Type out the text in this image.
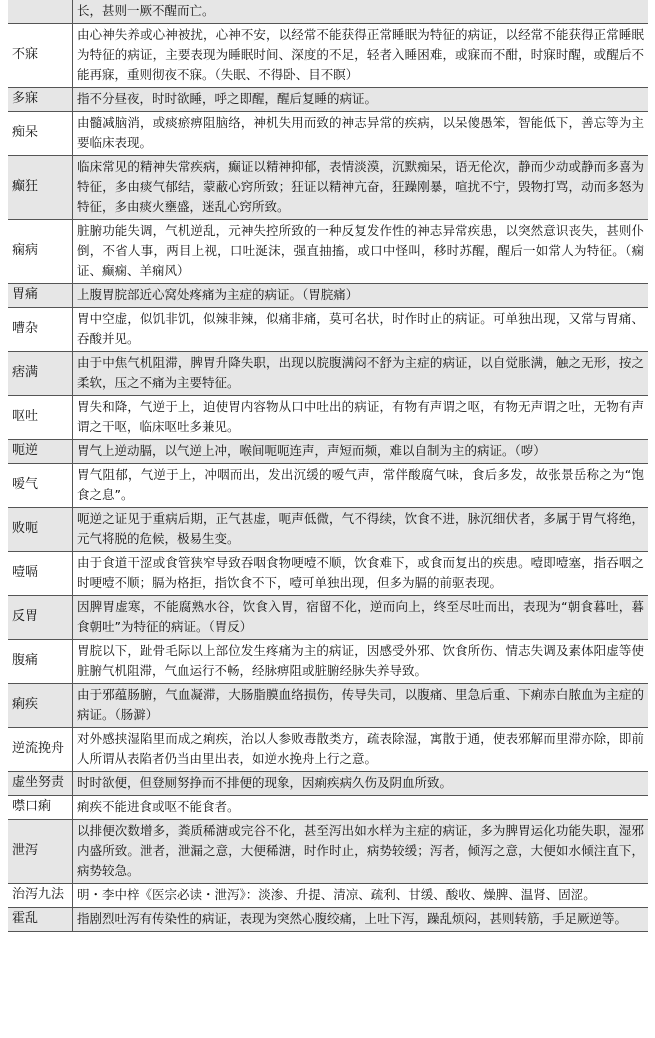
	长，甚则一厥不醒而亡。
不寐	由心神失养或心神被扰，心神不安，以经常不能获得正常睡眠为特征的病证，以经常不能获得正常睡眠为特征的病证，主要表现为睡眠时间、深度的不足，轻者入睡困难，或寐而不酣，时寐时醒，或醒后不能再寐，重则彻夜不寐。（失眠、不得卧、目不瞑）
多寐	指不分昼夜，时时欲睡，呼之即醒，醒后复睡的病证。
痴呆	由髓减脑消，或痰瘀痹阻脑络，神机失用而致的神志异常的疾病，以呆傻愚笨，智能低下，善忘等为主要临床表现。
癫狂	临床常见的精神失常疾病，癫证以精神抑郁，表情淡漠，沉默痴呆，语无伦次，静而少动或静而多喜为特征，多由痰气郁结，蒙蔽心窍所致；狂证以精神亢奋，狂躁刚暴，喧扰不宁，毁物打骂，动而多怒为特征，多由痰火壅盛，迷乱心窍所致。
痫病	脏腑功能失调，气机逆乱，元神失控所致的一种反复发作性的神志异常疾患，以突然意识丧失，甚则仆倒，不省人事，两目上视，口吐涎沫，强直抽搐，或口中怪叫，移时苏醒，醒后一如常人为特征。（痫证、癫痫、羊痫风）
胃痛	上腹胃脘部近心窝处疼痛为主症的病证。（胃脘痛）
嘈杂	胃中空虚，似饥非饥，似辣非辣，似痛非痛，莫可名状，时作时止的病证。可单独出现，又常与胃痛、吞酸并见。
痞满	由于中焦气机阻滞，脾胃升降失职，出现以脘腹满闷不舒为主症的病证，以自觉胀满，触之无形，按之柔软，压之不痛为主要特征。
呕吐	胃失和降，气逆于上，迫使胃内容物从口中吐出的病证，有物有声谓之呕，有物无声谓之吐，无物有声谓之干呕，临床呕吐多兼见。
呃逆	胃气上逆动膈，以气逆上冲，喉间呃呃连声，声短而频，难以自制为主的病证。（哕）
嗳气	胃气阻郁，气逆于上，冲咽而出，发出沉缓的嗳气声，常伴酸腐气味，食后多发，故张景岳称之为“饱食之息”。
败呃	呃逆之证见于重病后期，正气甚虚，呃声低微，气不得续，饮食不进，脉沉细伏者，多属于胃气将绝，元气将脱的危候，极易生变。
噎嗝	由于食道干涩或食管狭窄导致吞咽食物哽噎不顺，饮食难下，或食而复出的疾患。噎即噎塞，指吞咽之时哽噎不顺；膈为格拒，指饮食不下，噎可单独出现，但多为膈的前驱表现。
反胃	因脾胃虚寒，不能腐熟水谷，饮食入胃，宿留不化，逆而向上，终至尽吐而出，表现为“朝食暮吐，暮食朝吐”为特征的病证。（胃反）
腹痛	胃脘以下，趾骨毛际以上部位发生疼痛为主的病证，因感受外邪、饮食所伤、情志失调及素体阳虚等使脏腑气机阻滞，气血运行不畅，经脉痹阻或脏腑经脉失养导致。
痢疾	由于邪蕴肠腑，气血凝滞，大肠脂膜血络损伤，传导失司，以腹痛、里急后重、下痢赤白脓血为主症的病证。（肠澼）
逆流挽舟	对外感挟湿陷里而成之痢疾，治以人参败毒散类方，疏表除湿，寓散于通，使表邪解而里滞亦除，即前人所谓从表陷者仍当由里出表，如逆水挽舟上行之意。
虚坐努责	时时欲便，但登厕努挣而不排便的现象，因痢疾病久伤及阴血所致。
噤口痢	痢疾不能进食或呕不能食者。
泄泻	以排便次数增多，粪质稀溏或完谷不化，甚至泻出如水样为主症的病证，多为脾胃运化功能失职，湿邪内盛所致。泄者，泄漏之意，大便稀溏，时作时止，病势较缓；泻者，倾泻之意，大便如水倾注直下，病势较急。
治泻九法	明・李中梓《医宗必读・泄泻》：淡渗、升提、清凉、疏利、甘缓、酸收、燥脾、温肾、固涩。
霍乱	指剧烈吐泻有传染性的病证，表现为突然心腹绞痛，上吐下泻，躁乱烦闷，甚则转筋，手足厥逆等。
